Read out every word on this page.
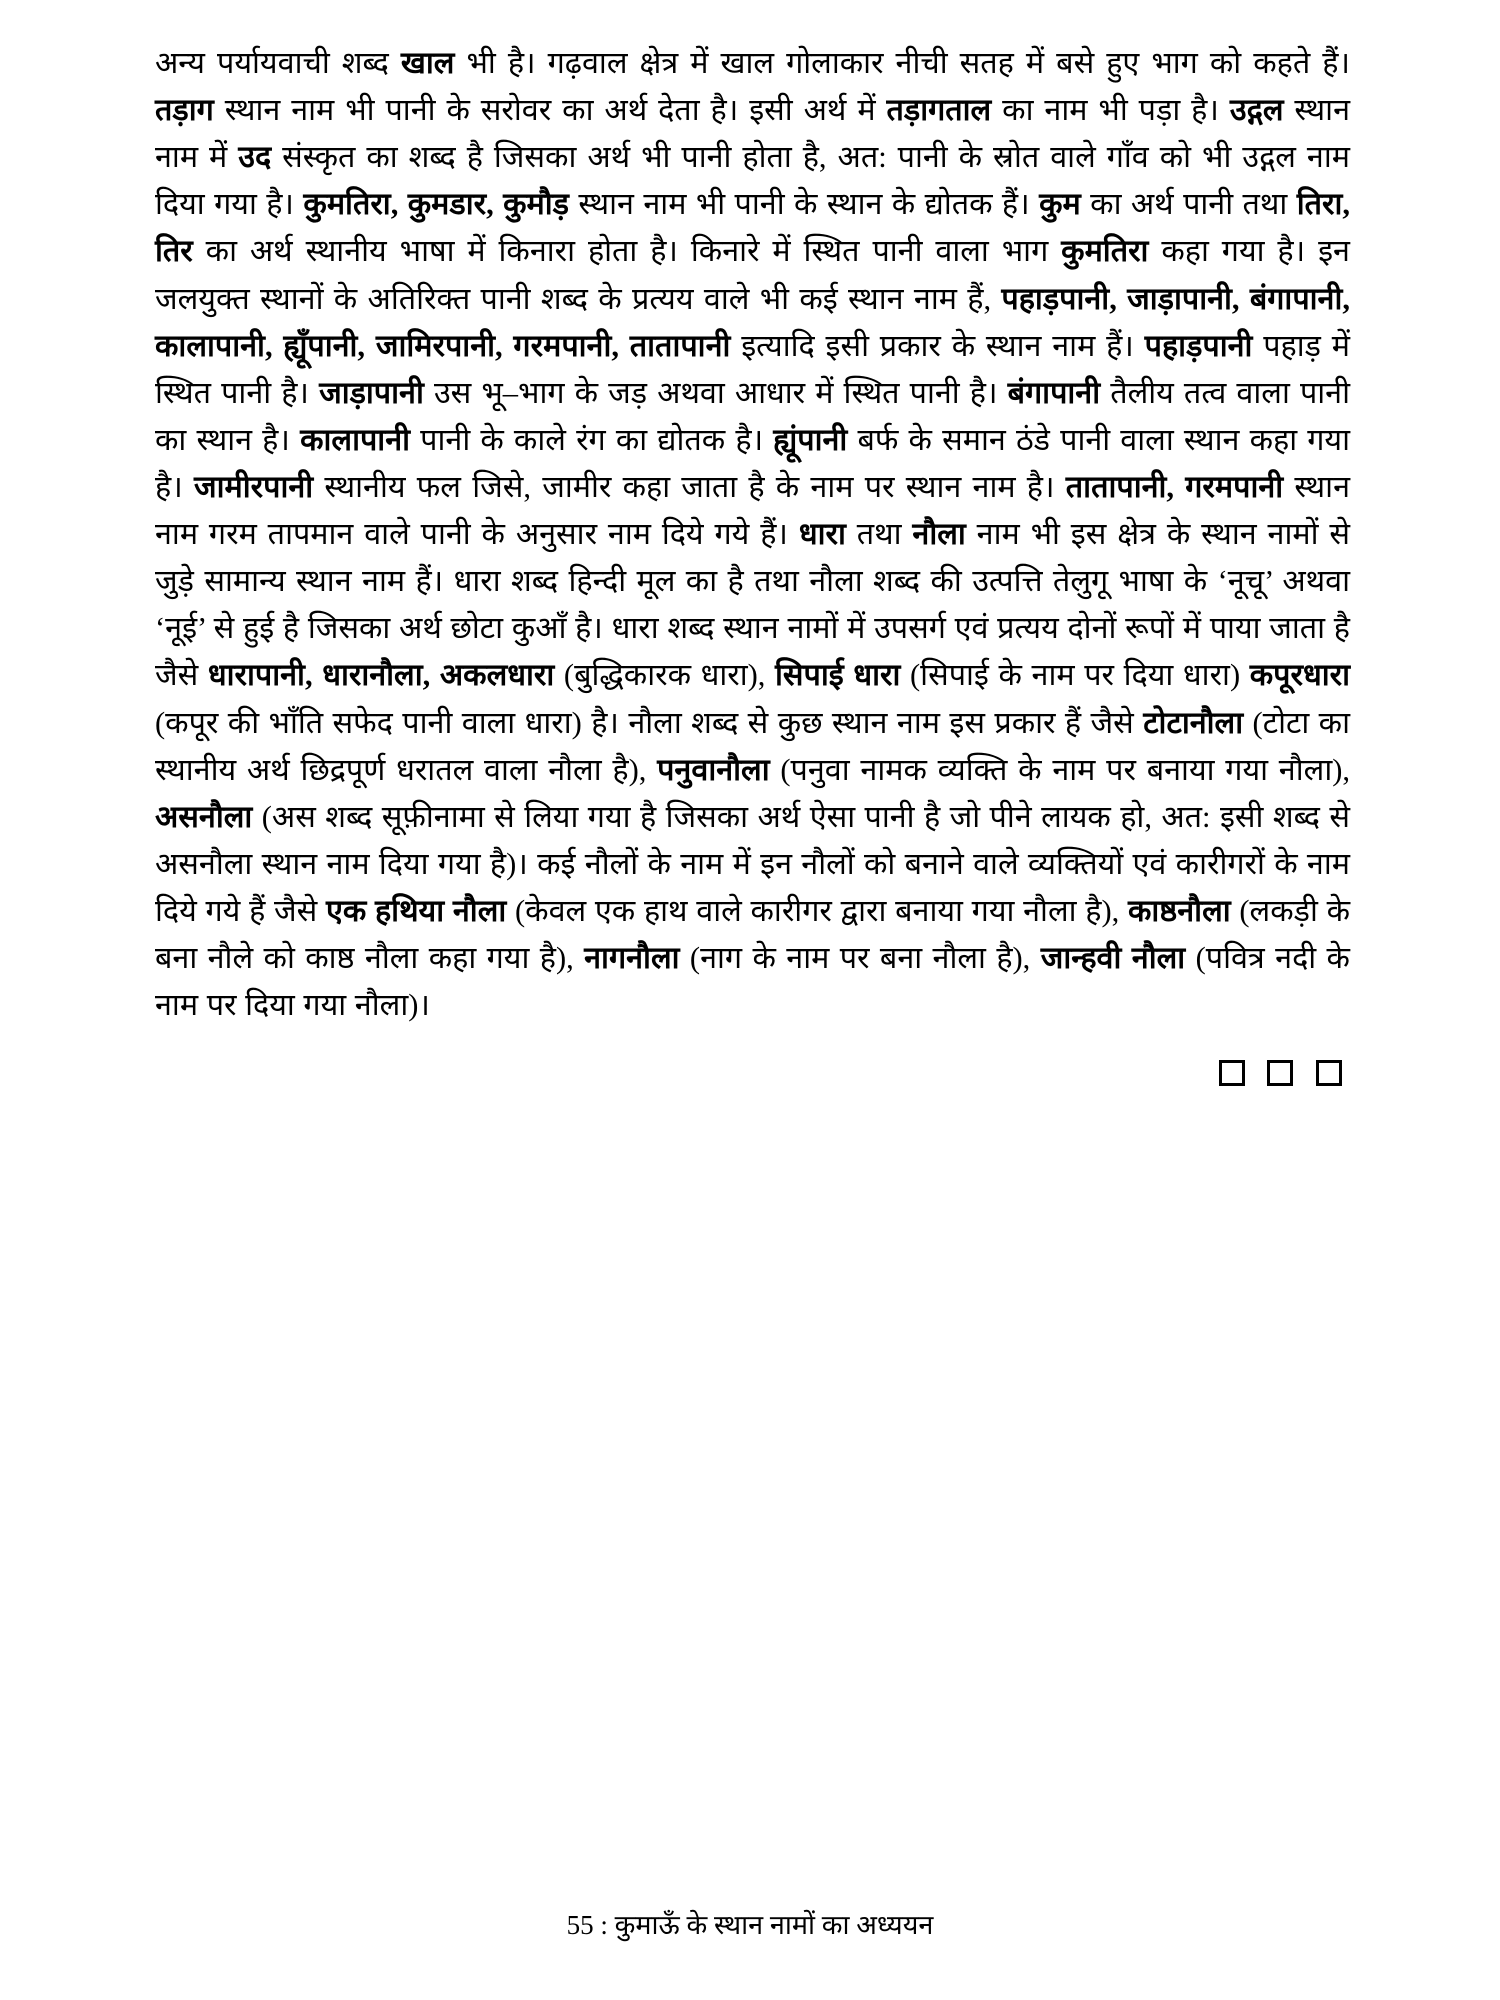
अन्य पर्यायवाची शब्द खाल भी है। गढ़वाल क्षेत्र में खाल गोलाकार नीची सतह में बसे हुए भाग को कहते हैं। तड़ाग स्थान नाम भी पानी के सरोवर का अर्थ देता है। इसी अर्थ में तड़ागताल का नाम भी पड़ा है। उद्गल स्थान नाम में उद संस्कृत का शब्द है जिसका अर्थ भी पानी होता है, अत: पानी के स्रोत वाले गाँव को भी उद्गल नाम दिया गया है। कुमतिरा, कुमडार, कुमौड़ स्थान नाम भी पानी के स्थान के द्योतक हैं। कुम का अर्थ पानी तथा तिरा, तिर का अर्थ स्थानीय भाषा में किनारा होता है। किनारे में स्थित पानी वाला भाग कुमतिरा कहा गया है। इन जलयुक्त स्थानों के अतिरिक्त पानी शब्द के प्रत्यय वाले भी कई स्थान नाम हैं, पहाड़पानी, जाड़ापानी, बंगापानी, कालापानी, ह्यूँपानी, जामिरपानी, गरमपानी, तातापानी इत्यादि इसी प्रकार के स्थान नाम हैं। पहाड़पानी पहाड़ में स्थित पानी है। जाड़ापानी उस भू–भाग के जड़ अथवा आधार में स्थित पानी है। बंगापानी तैलीय तत्व वाला पानी का स्थान है। कालापानी पानी के काले रंग का द्योतक है। ह्यूंपानी बर्फ के समान ठंडे पानी वाला स्थान कहा गया है। जामीरपानी स्थानीय फल जिसे, जामीर कहा जाता है के नाम पर स्थान नाम है। तातापानी, गरमपानी स्थान नाम गरम तापमान वाले पानी के अनुसार नाम दिये गये हैं। धारा तथा नौला नाम भी इस क्षेत्र के स्थान नामों से जुड़े सामान्य स्थान नाम हैं। धारा शब्द हिन्दी मूल का है तथा नौला शब्द की उत्पत्ति तेलुगू भाषा के ‘नूचू’ अथवा ‘नूई’ से हुई है जिसका अर्थ छोटा कुआँ है। धारा शब्द स्थान नामों में उपसर्ग एवं प्रत्यय दोनों रूपों में पाया जाता है जैसे धारापानी, धारानौला, अकलधारा (बुद्धिकारक धारा), सिपाई धारा (सिपाई के नाम पर दिया धारा) कपूरधारा (कपूर की भाँति सफेद पानी वाला धारा) है। नौला शब्द से कुछ स्थान नाम इस प्रकार हैं जैसे टोटानौला (टोटा का स्थानीय अर्थ छिद्रपूर्ण धरातल वाला नौला है), पनुवानौला (पनुवा नामक व्यक्ति के नाम पर बनाया गया नौला), असनौला (अस शब्द सूफ़ीनामा से लिया गया है जिसका अर्थ ऐसा पानी है जो पीने लायक हो, अत: इसी शब्द से असनौला स्थान नाम दिया गया है)। कई नौलों के नाम में इन नौलों को बनाने वाले व्यक्तियों एवं कारीगरों के नाम दिये गये हैं जैसे एक हथिया नौला (केवल एक हाथ वाले कारीगर द्वारा बनाया गया नौला है), काष्ठनौला (लकड़ी के बना नौले को काष्ठ नौला कहा गया है), नागनौला (नाग के नाम पर बना नौला है), जान्हवी नौला (पवित्र नदी के नाम पर दिया गया नौला)।

55 : कुमाऊँ के स्थान नामों का अध्ययन
